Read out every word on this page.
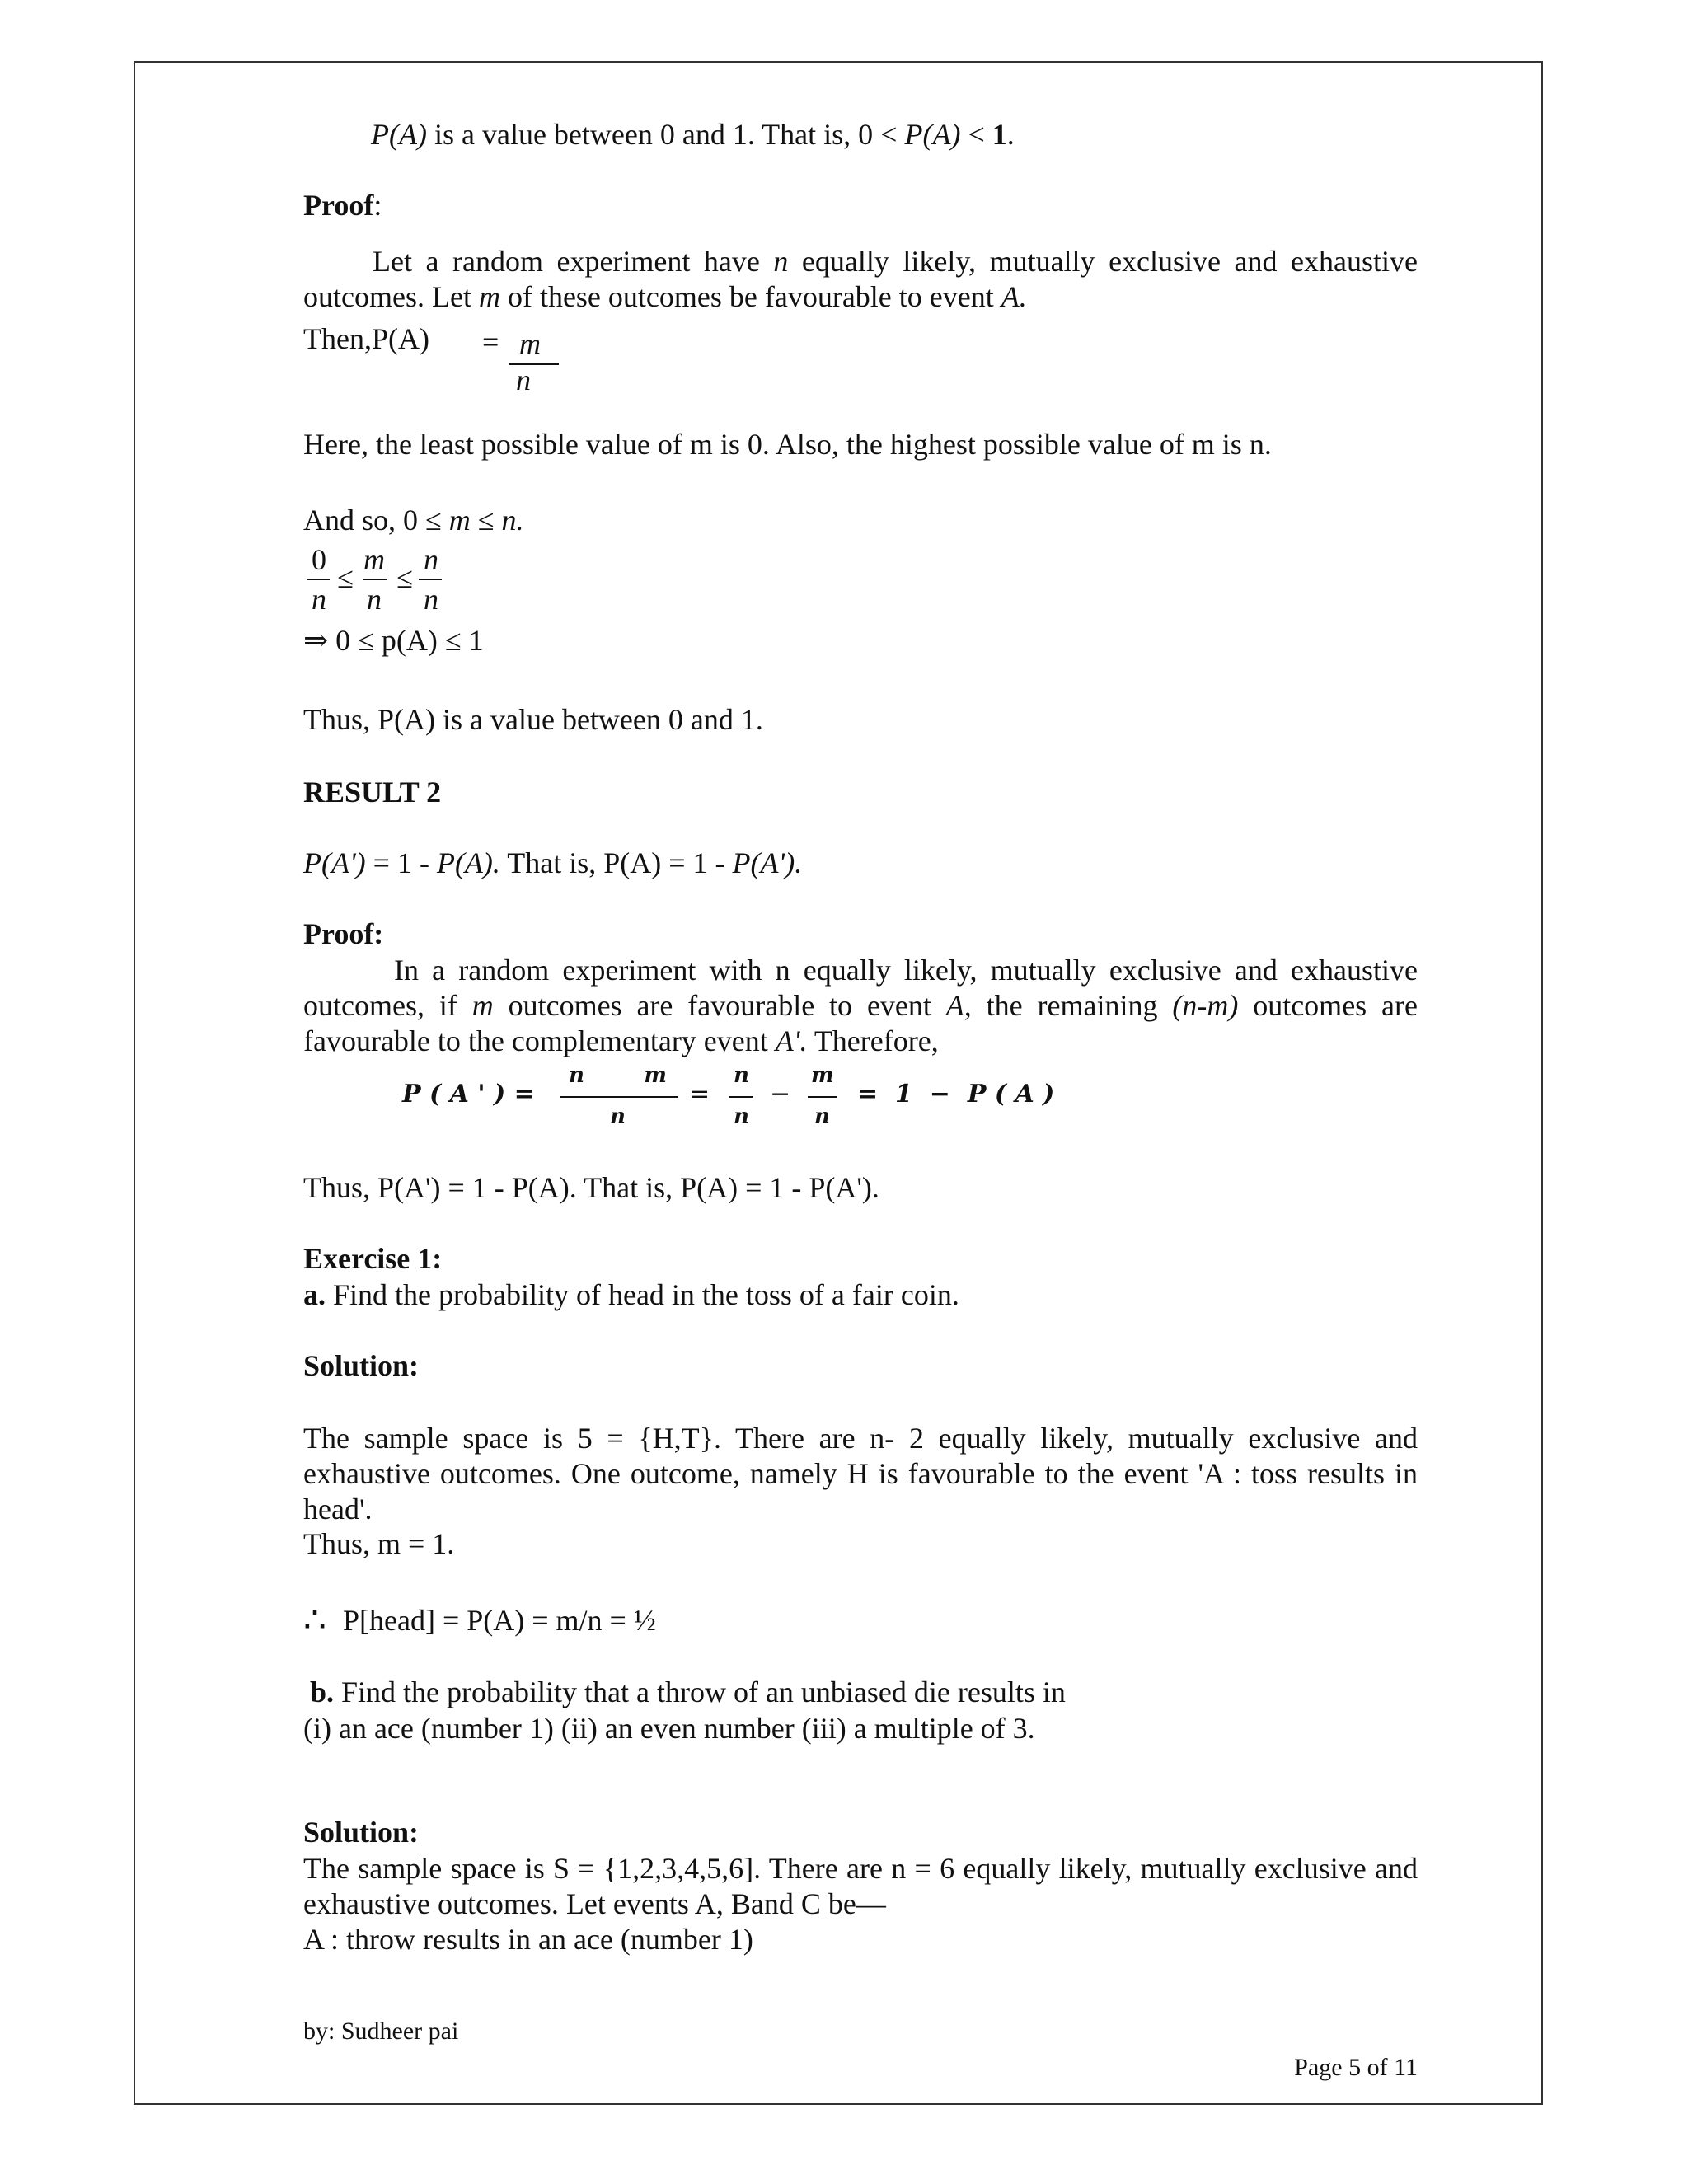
P(A) is a value between 0 and 1. That is, 0 < P(A) < 1.
Proof:
Let a random experiment have n equally likely, mutually exclusive and exhaustive outcomes. Let m of these outcomes be favourable to event A.
Then,P(A)	= m
n
Here, the least possible value of m is 0. Also, the highest possible value of m is n.
And so, 0 ≤ m ≤ n.
0
n
≤
m
n
≤
n
n
⇒ 0 ≤ p(A) ≤ 1
Thus, P(A) is a value between 0 and 1.
RESULT 2
P(A') = 1 - P(A). That is, P(A) = 1 - P(A').
Proof:
In a random experiment with n equally likely, mutually exclusive and exhaustive outcomes, if m outcomes are favourable to event A, the remaining (n-m) outcomes are favourable to the complementary event A'. Therefore,
P ( A ' ) =
n        m
n
=
n
n
−
m
n
=  1  −  P ( A )
Thus, P(A') = 1 - P(A). That is, P(A) = 1 - P(A').
Exercise 1:
a. Find the probability of head in the toss of a fair coin.
Solution:
The sample space is 5 = {H,T}. There are n- 2 equally likely, mutually exclusive and exhaustive outcomes. One outcome, namely H is favourable to the event 'A : toss results in head'.
Thus, m = 1.
∴ P[head] = P(A) = m/n = ½
b. Find the probability that a throw of an unbiased die results in
(i) an ace (number 1) (ii) an even number (iii) a multiple of 3.
Solution:
The sample space is S = {1,2,3,4,5,6]. There are n = 6 equally likely, mutually exclusive and exhaustive outcomes. Let events A, Band C be—
A : throw results in an ace (number 1)
by: Sudheer pai
Page 5 of 11
